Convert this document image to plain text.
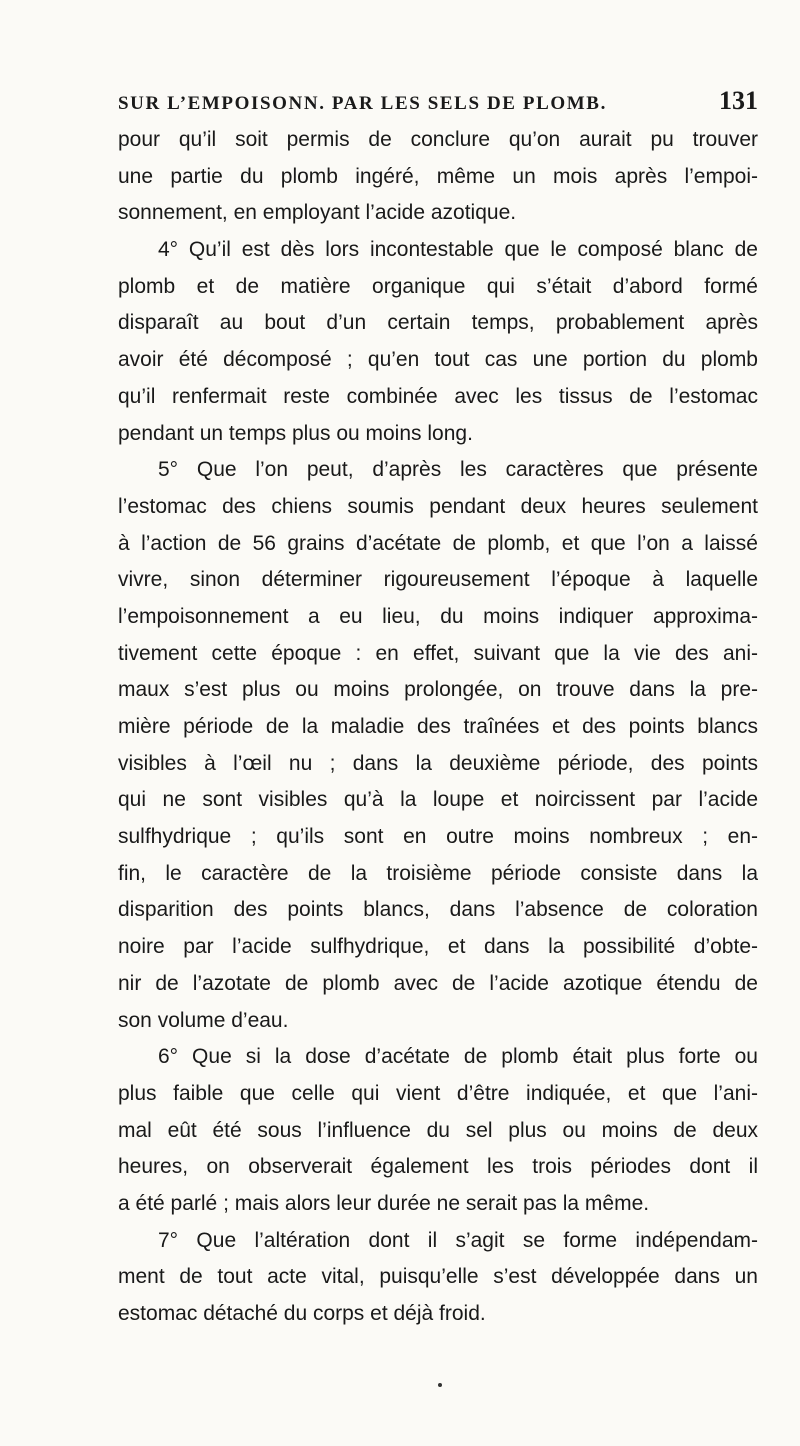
SUR L’EMPOISONN. PAR LES SELS DE PLOMB.	131
pour qu’il soit permis de conclure qu’on aurait pu trouver
une partie du plomb ingéré, même un mois après l’empoi-
sonnement, en employant l’acide azotique.
4° Qu’il est dès lors incontestable que le composé blanc de
plomb et de matière organique qui s’était d’abord formé
disparaît au bout d’un certain temps, probablement après
avoir été décomposé ; qu’en tout cas une portion du plomb
qu’il renfermait reste combinée avec les tissus de l’estomac
pendant un temps plus ou moins long.
5° Que l’on peut, d’après les caractères que présente
l’estomac des chiens soumis pendant deux heures seulement
à l’action de 56 grains d’acétate de plomb, et que l’on a laissé
vivre, sinon déterminer rigoureusement l’époque à laquelle
l’empoisonnement a eu lieu, du moins indiquer approxima-
tivement cette époque : en effet, suivant que la vie des ani-
maux s’est plus ou moins prolongée, on trouve dans la pre-
mière période de la maladie des traînées et des points blancs
visibles à l’œil nu ; dans la deuxième période, des points
qui ne sont visibles qu’à la loupe et noircissent par l’acide
sulfhydrique ; qu’ils sont en outre moins nombreux ; en-
fin, le caractère de la troisième période consiste dans la
disparition des points blancs, dans l’absence de coloration
noire par l’acide sulfhydrique, et dans la possibilité d’obte-
nir de l’azotate de plomb avec de l’acide azotique étendu de
son volume d’eau.
6° Que si la dose d’acétate de plomb était plus forte ou
plus faible que celle qui vient d’être indiquée, et que l’ani-
mal eût été sous l’influence du sel plus ou moins de deux
heures, on observerait également les trois périodes dont il
a été parlé ; mais alors leur durée ne serait pas la même.
7° Que l’altération dont il s’agit se forme indépendam-
ment de tout acte vital, puisqu’elle s’est développée dans un
estomac détaché du corps et déjà froid.
